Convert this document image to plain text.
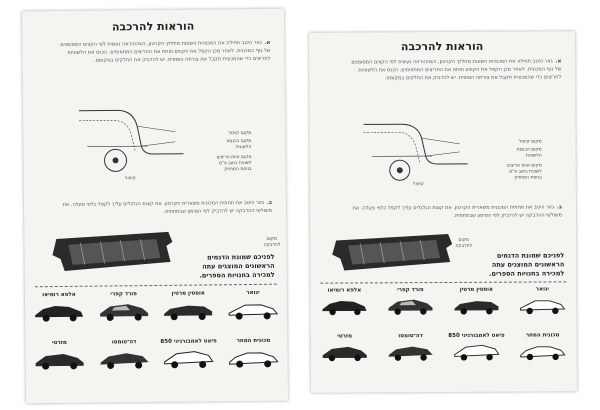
הוראות להרכבה
א.גזור היטב תחילה את המכוניות השונות מחלקי הקרטון, כשההוראה נעשית לפי הקווים המסומנים של גוף המכונית. לאחר מכן הקפל את הקווים ופתח את החריצים המתאימים. הכנס את הלשוניות לחריצים כדי שהמכונית תקבל את צורתה הסופית. יש להדביק את החלקים במקומם.
מקום קיפול
מקום הכנסת
הלשונית
מקום אותו חריצים
לשונית כתוב פ"מ
בניסת המחזיק
קיפול
ב.גזור היטב את תחתית המכונית משארית הקרטון. את קצות הגלגלים עליך לקפל כלפי מעלה. את משולשי ההדבקה יש להדביק לפי הסימון שבתחתית.
מקום
להדבקה
לפניכם שמונת הדגמים
הראשונים המוצגים עתה
למכירה בחנויות הספרים.
אלפא רומיאו	פורד קפרי	אוסטין מרטין	יגואר
מזרטי	דה־טומסו	פיאט לאמבורגיני 850	מכונית המחר
הוראות להרכבה
א.גזור היטב תחילה את המכוניות השונות מחלקי הקרטון, כשההוראה נעשית לפי הקווים המסומנים של גוף המכונית. לאחר מכן הקפל את הקווים ופתח את החריצים המתאימים. הכנס את הלשוניות לחריצים כדי שהמכונית תקבל את צורתה הסופית. יש להדביק את החלקים במקומם.
מקום קיפול
מקום הכנסת
הלשונית
מקום אותו חריצים
לשונית כתוב פ"מ
בניסת המחזיק
קיפול
ב.גזור היטב את תחתית המכונית משארית הקרטון. את קצות הגלגלים עליך לקפל כלפי מעלה. את משולשי ההדבקה יש להדביק לפי הסימון שבתחתית.
מקום
להדבקה
לפניכם שמונת הדגמים
הראשונים המוצגים עתה
למכירה בחנויות הספרים.
אלפא רומיאו	פורד קפרי	אוסטין מרטין	יגואר
מזרטי	דה־טומסו	פיאט לאמבורגיני 850	מכונית המחר
